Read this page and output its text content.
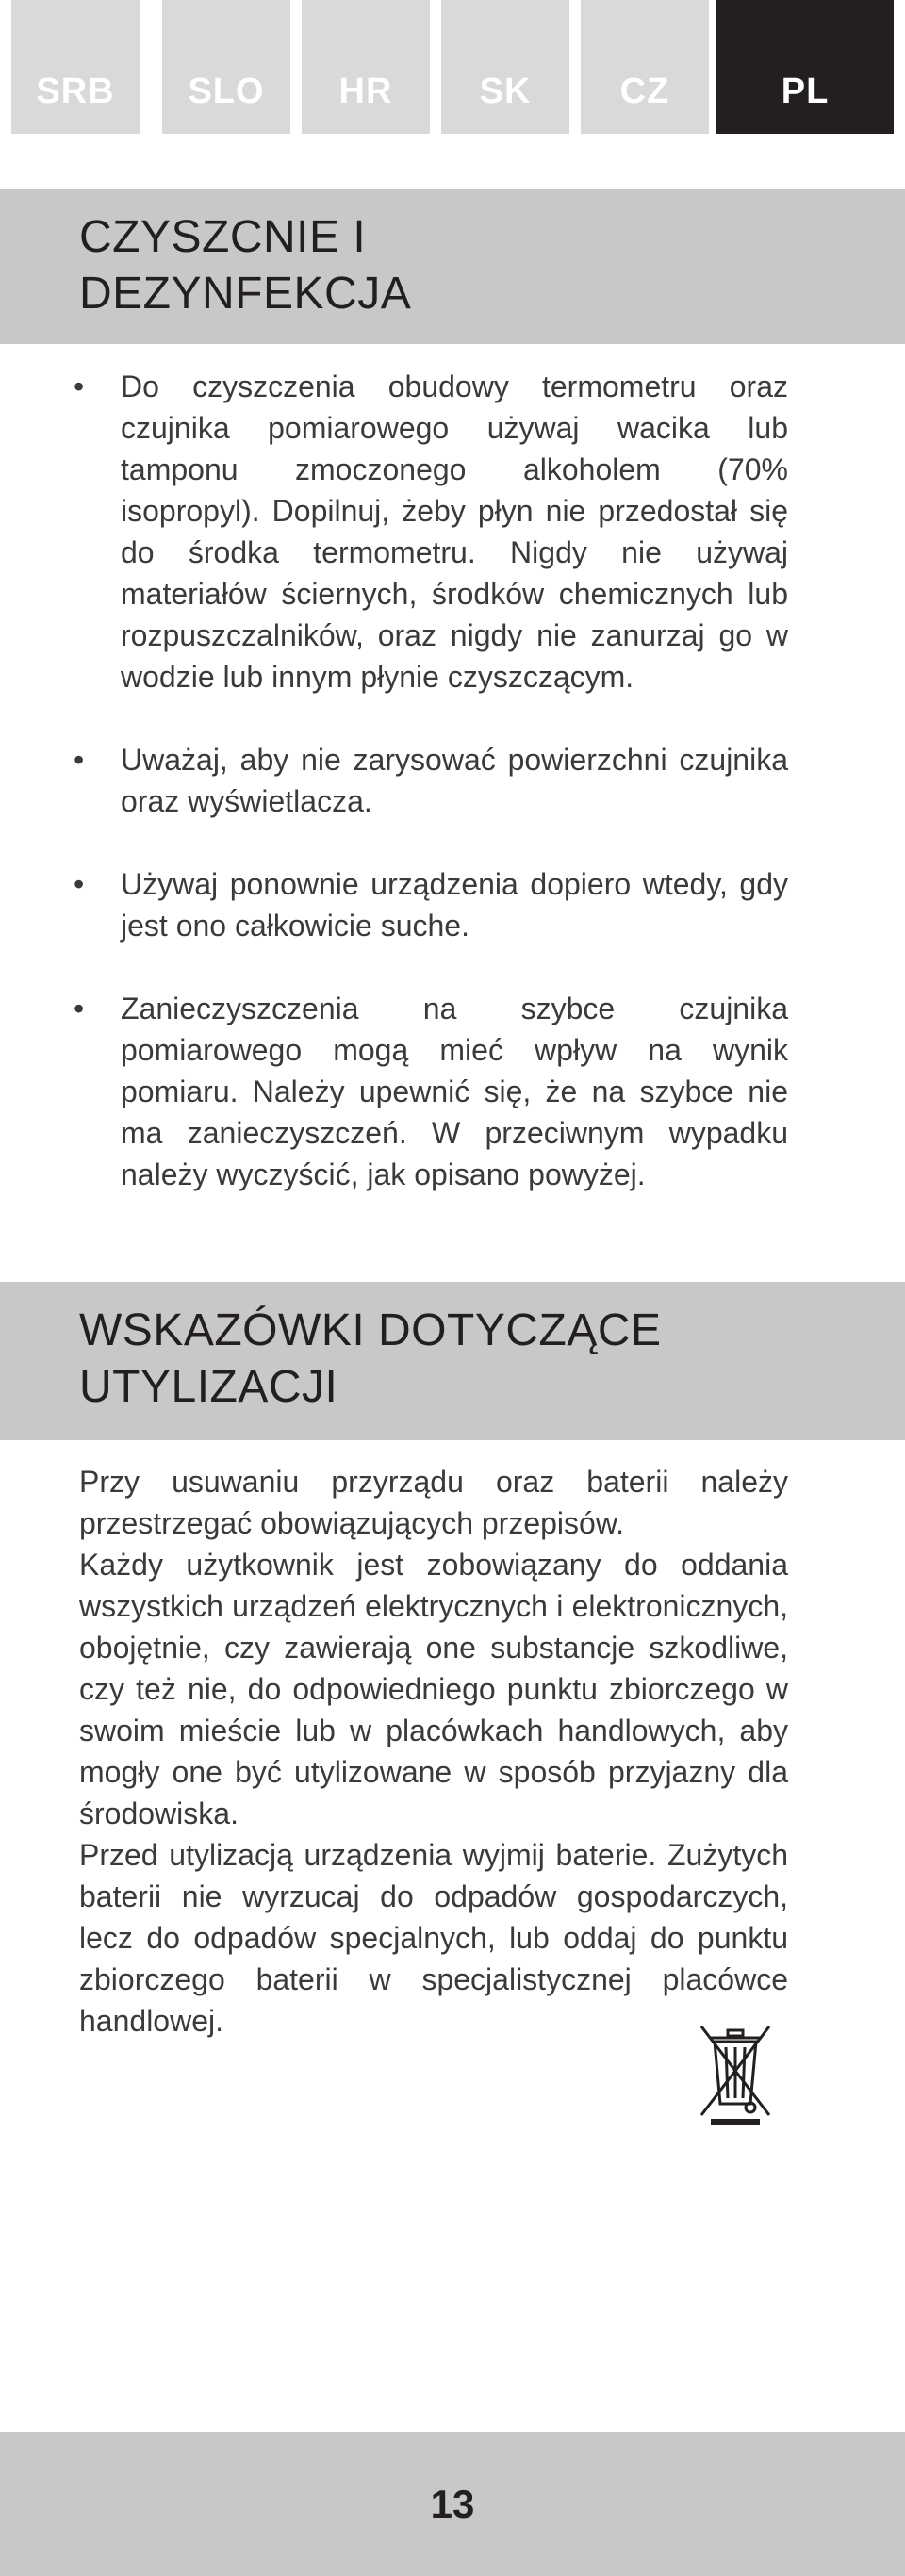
SRB	SLO	HR	SK	CZ	PL
CZYSZCNIE I
DEZYNFEKCJA
• Do czyszczenia obudowy termometru oraz czujnika pomiarowego używaj wacika lub tamponu zmoczonego alkoholem (70% isopropyl). Dopilnuj, żeby płyn nie przedostał się do środka termometru. Nigdy nie używaj materiałów ściernych, środków chemicznych lub rozpuszczalników, oraz nigdy nie zanurzaj go w wodzie lub innym płynie czyszczącym.
• Uważaj, aby nie zarysować powierzchni czujnika oraz wyświetlacza.
• Używaj ponownie urządzenia dopiero wtedy, gdy jest ono całkowicie suche.
• Zanieczyszczenia na szybce czujnika pomiarowego mogą mieć wpływ na wynik pomiaru. Należy upewnić się, że na szybce nie ma zanieczyszczeń. W przeciwnym wypadku należy wyczyścić, jak opisano powyżej.
WSKAZÓWKI DOTYCZĄCE
UTYLIZACJI
Przy usuwaniu przyrządu oraz baterii należy przestrzegać obowiązujących przepisów.
Każdy użytkownik jest zobowiązany do oddania wszystkich urządzeń elektrycznych i elektronicznych, obojętnie, czy zawierają one substancje szkodliwe, czy też nie, do odpowiedniego punktu zbiorczego w swoim mieście lub w placówkach handlowych, aby mogły one być utylizowane w sposób przyjazny dla środowiska.
Przed utylizacją urządzenia wyjmij baterie. Zużytych baterii nie wyrzucaj do odpadów gospodarczych, lecz do odpadów specjalnych, lub oddaj do punktu zbiorczego baterii w specjalistycznej placówce handlowej.
13
